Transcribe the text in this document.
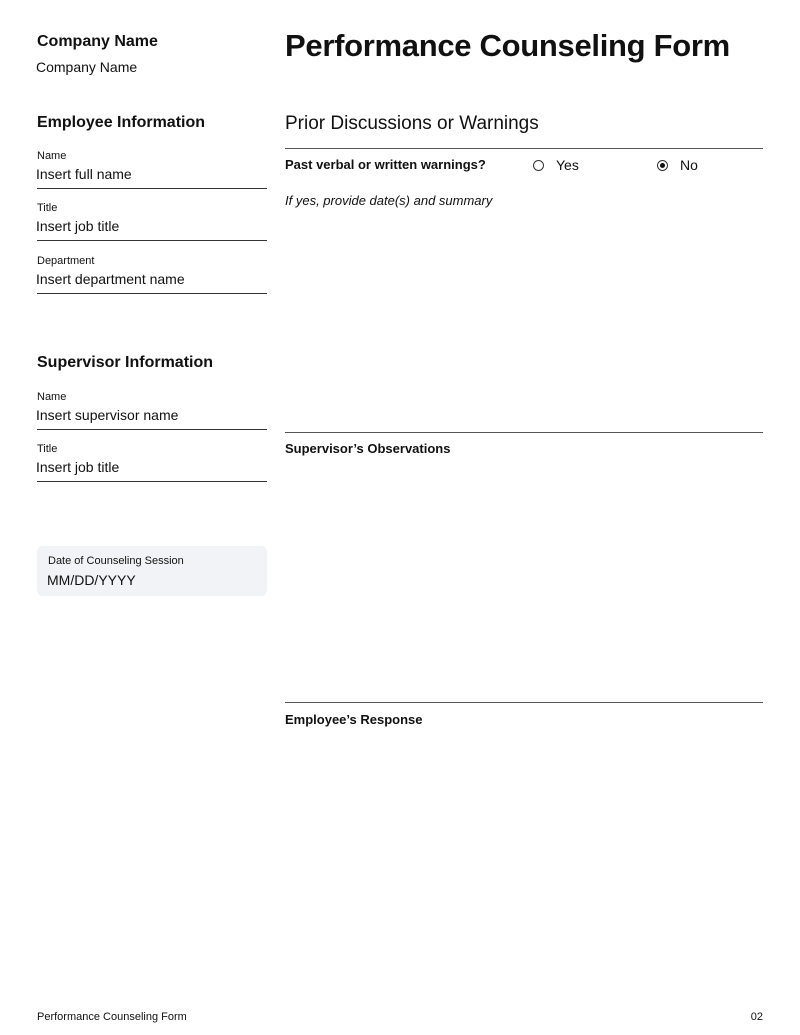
Company Name
Company Name
Performance Counseling Form
Employee Information
Name
Insert full name
Title
Insert job title
Department
Insert department name
Supervisor Information
Name
Insert supervisor name
Title
Insert job title
Date of Counseling Session
MM/DD/YYYY
Prior Discussions or Warnings
Past verbal or written warnings?	Yes	No
If yes, provide date(s) and summary
Supervisor’s Observations
Employee’s Response
Performance Counseling Form	02
